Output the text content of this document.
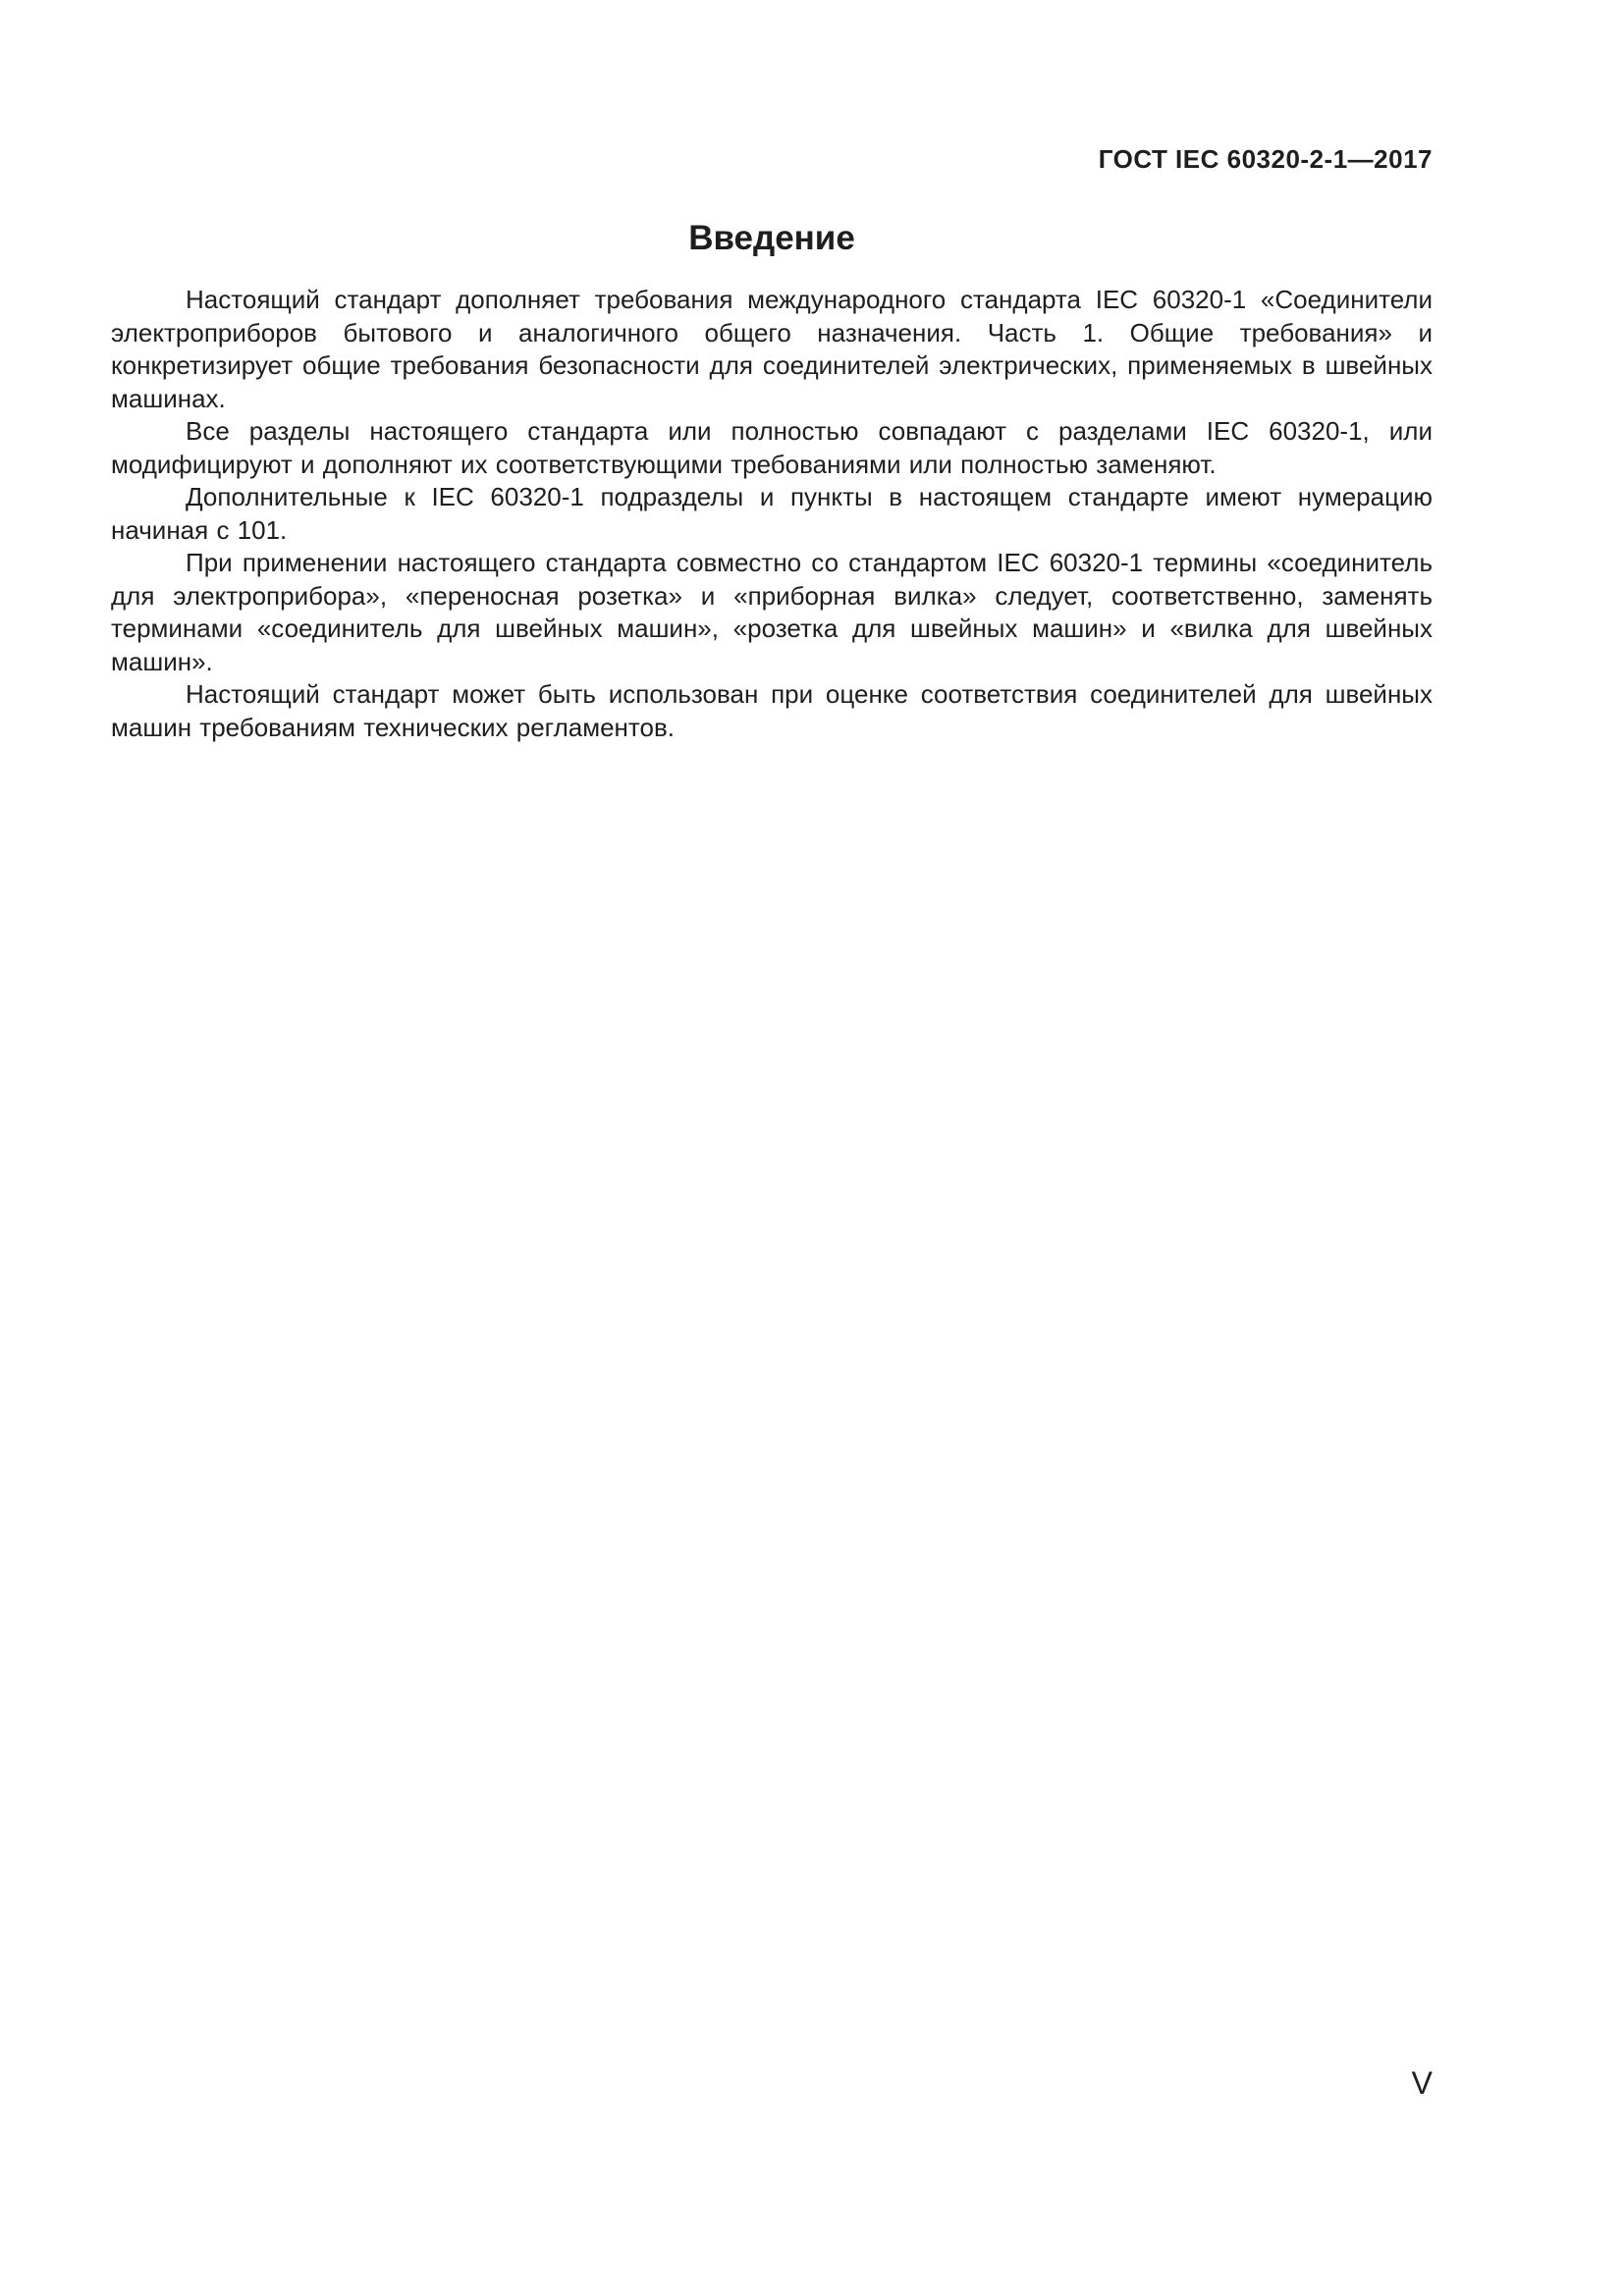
ГОСТ IEC 60320-2-1—2017
Введение

Настоящий стандарт дополняет требования международного стандарта IEC 60320-1 «Соединители электроприборов бытового и аналогичного общего назначения. Часть 1. Общие требования» и конкретизирует общие требования безопасности для соединителей электрических, применяемых в швейных машинах.

Все разделы настоящего стандарта или полностью совпадают с разделами IEC 60320-1, или модифицируют и дополняют их соответствующими требованиями или полностью заменяют.

Дополнительные к IEC 60320-1 подразделы и пункты в настоящем стандарте имеют нумерацию начиная с 101.

При применении настоящего стандарта совместно со стандартом IEC 60320-1 термины «соединитель для электроприбора», «переносная розетка» и «приборная вилка» следует, соответственно, заменять терминами «соединитель для швейных машин», «розетка для швейных машин» и «вилка для швейных машин».

Настоящий стандарт может быть использован при оценке соответствия соединителей для швейных машин требованиям технических регламентов.

V
